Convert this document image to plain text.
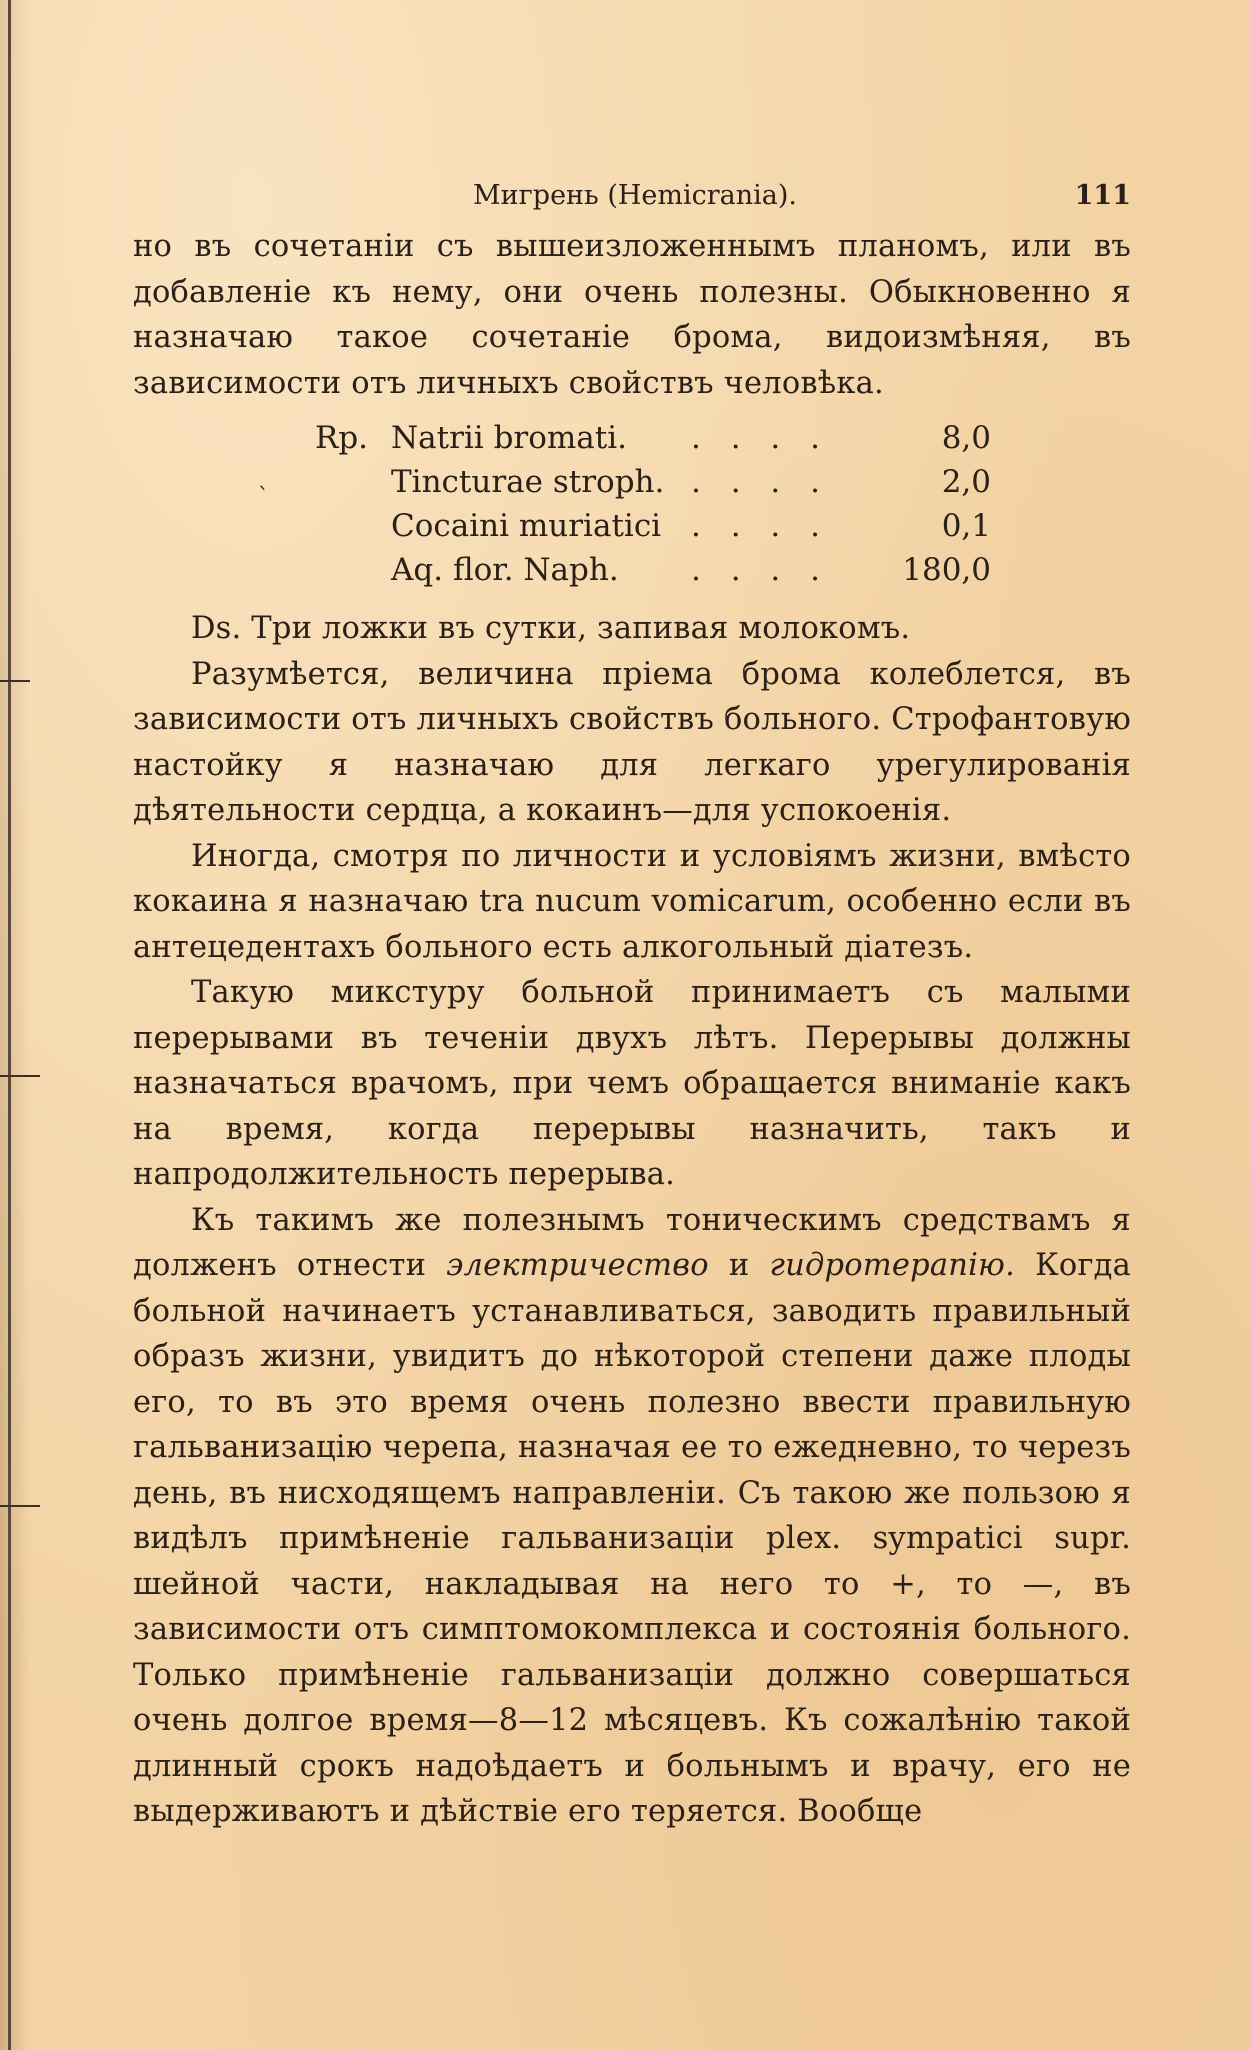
Мигрень (Hemicrania).	111

но въ сочетаніи съ вышеизложеннымъ планомъ, или въ добавленіе къ нему, они очень полезны. Обыкновенно я назначаю такое сочетаніе брома, видоизмѣняя, въ зависимости отъ личныхъ свойствъ человѣка.

Rp.
ˋ
Natrii bromati. . . . .	8,0
Tincturae stroph. . . . .	2,0
Cocaini muriatici . . . .	0,1
Aq. flor. Naph. . . . . 180,0

Ds. Три ложки въ сутки, запивая молокомъ.

Разумѣется, величина пріема брома колеблется, въ зависимости отъ личныхъ свойствъ больного. Строфантовую настойку я назначаю для легкаго урегулированія дѣятельности сердца, а кокаинъ—для успокоенія.

Иногда, смотря по личности и условіямъ жизни, вмѣсто кокаина я назначаю tra nucum vomicarum, особенно если въ антецедентахъ больного есть алкогольный діатезъ.

Такую микстуру больной принимаетъ съ малыми перерывами въ теченіи двухъ лѣтъ. Перерывы должны назначаться врачомъ, при чемъ обращается вниманіе какъ на время, когда перерывы назначить, такъ и напродолжительность перерыва.

Къ такимъ же полезнымъ тоническимъ средствамъ я долженъ отнести электричество и гидротерапію. Когда больной начинаетъ устанавливаться, заводить правильный образъ жизни, увидитъ до нѣкоторой степени даже плоды его, то въ это время очень полезно ввести правильную гальванизацію черепа, назначая ее то ежедневно, то черезъ день, въ нисходящемъ направленіи. Съ такою же пользою я видѣлъ примѣненіе гальванизаціи plex. sympatici supr. шейной части, накладывая на него то +, то —, въ зависимости отъ симптомокомплекса и состоянія больного. Только примѣненіе гальванизаціи должно совершаться очень долгое время—8—12 мѣсяцевъ. Къ сожалѣнію такой длинный срокъ надоѣдаетъ и больнымъ и врачу, его не выдерживаютъ и дѣйствіе его теряется. Вообще
